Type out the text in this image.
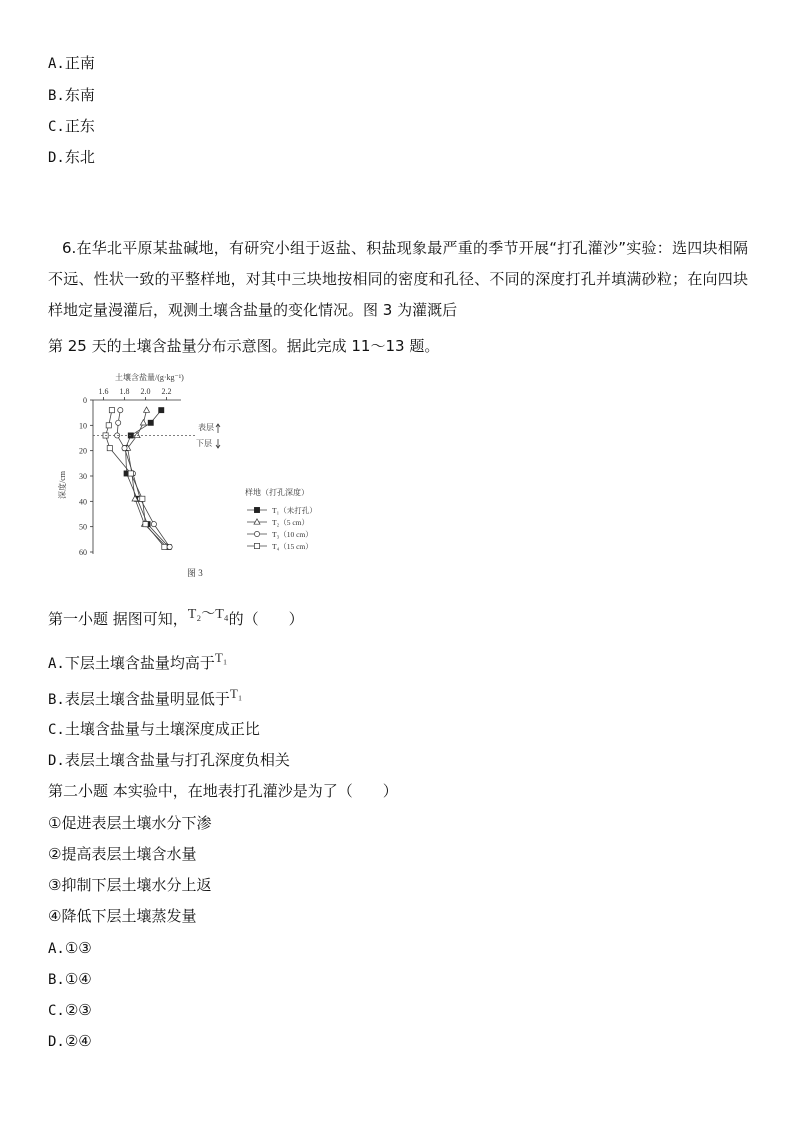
A.正南
B.东南
C.正东
D.东北
6.在华北平原某盐碱地，有研究小组于返盐、积盐现象最严重的季节开展“打孔灌沙”实验：选四块相隔不远、性状一致的平整样地，对其中三块地按相同的密度和孔径、不同的深度打孔并填满砂粒；在向四块样地定量漫灌后，观测土壤含盐量的变化情况。图 3 为灌溉后
第 25 天的土壤含盐量分布示意图。据此完成 11～13 题。
土壤含盐量/(g·kg⁻¹)
1.6 1.8 2.0 2.2
0
10
20
30
40
50
60
深度/cm
表层
下层
样地（打孔深度）
T₁（未打孔）
T₂（5 cm）
T₃（10 cm）
T₄（15 cm）
图 3
第一小题 据图可知，T₂～T₄的（　　）
A.下层土壤含盐量均高于T₁
B.表层土壤含盐量明显低于T₁
C.土壤含盐量与土壤深度成正比
D.表层土壤含盐量与打孔深度负相关
第二小题 本实验中，在地表打孔灌沙是为了（　　）
①促进表层土壤水分下渗
②提高表层土壤含水量
③抑制下层土壤水分上返
④降低下层土壤蒸发量
A.①③
B.①④
C.②③
D.②④
